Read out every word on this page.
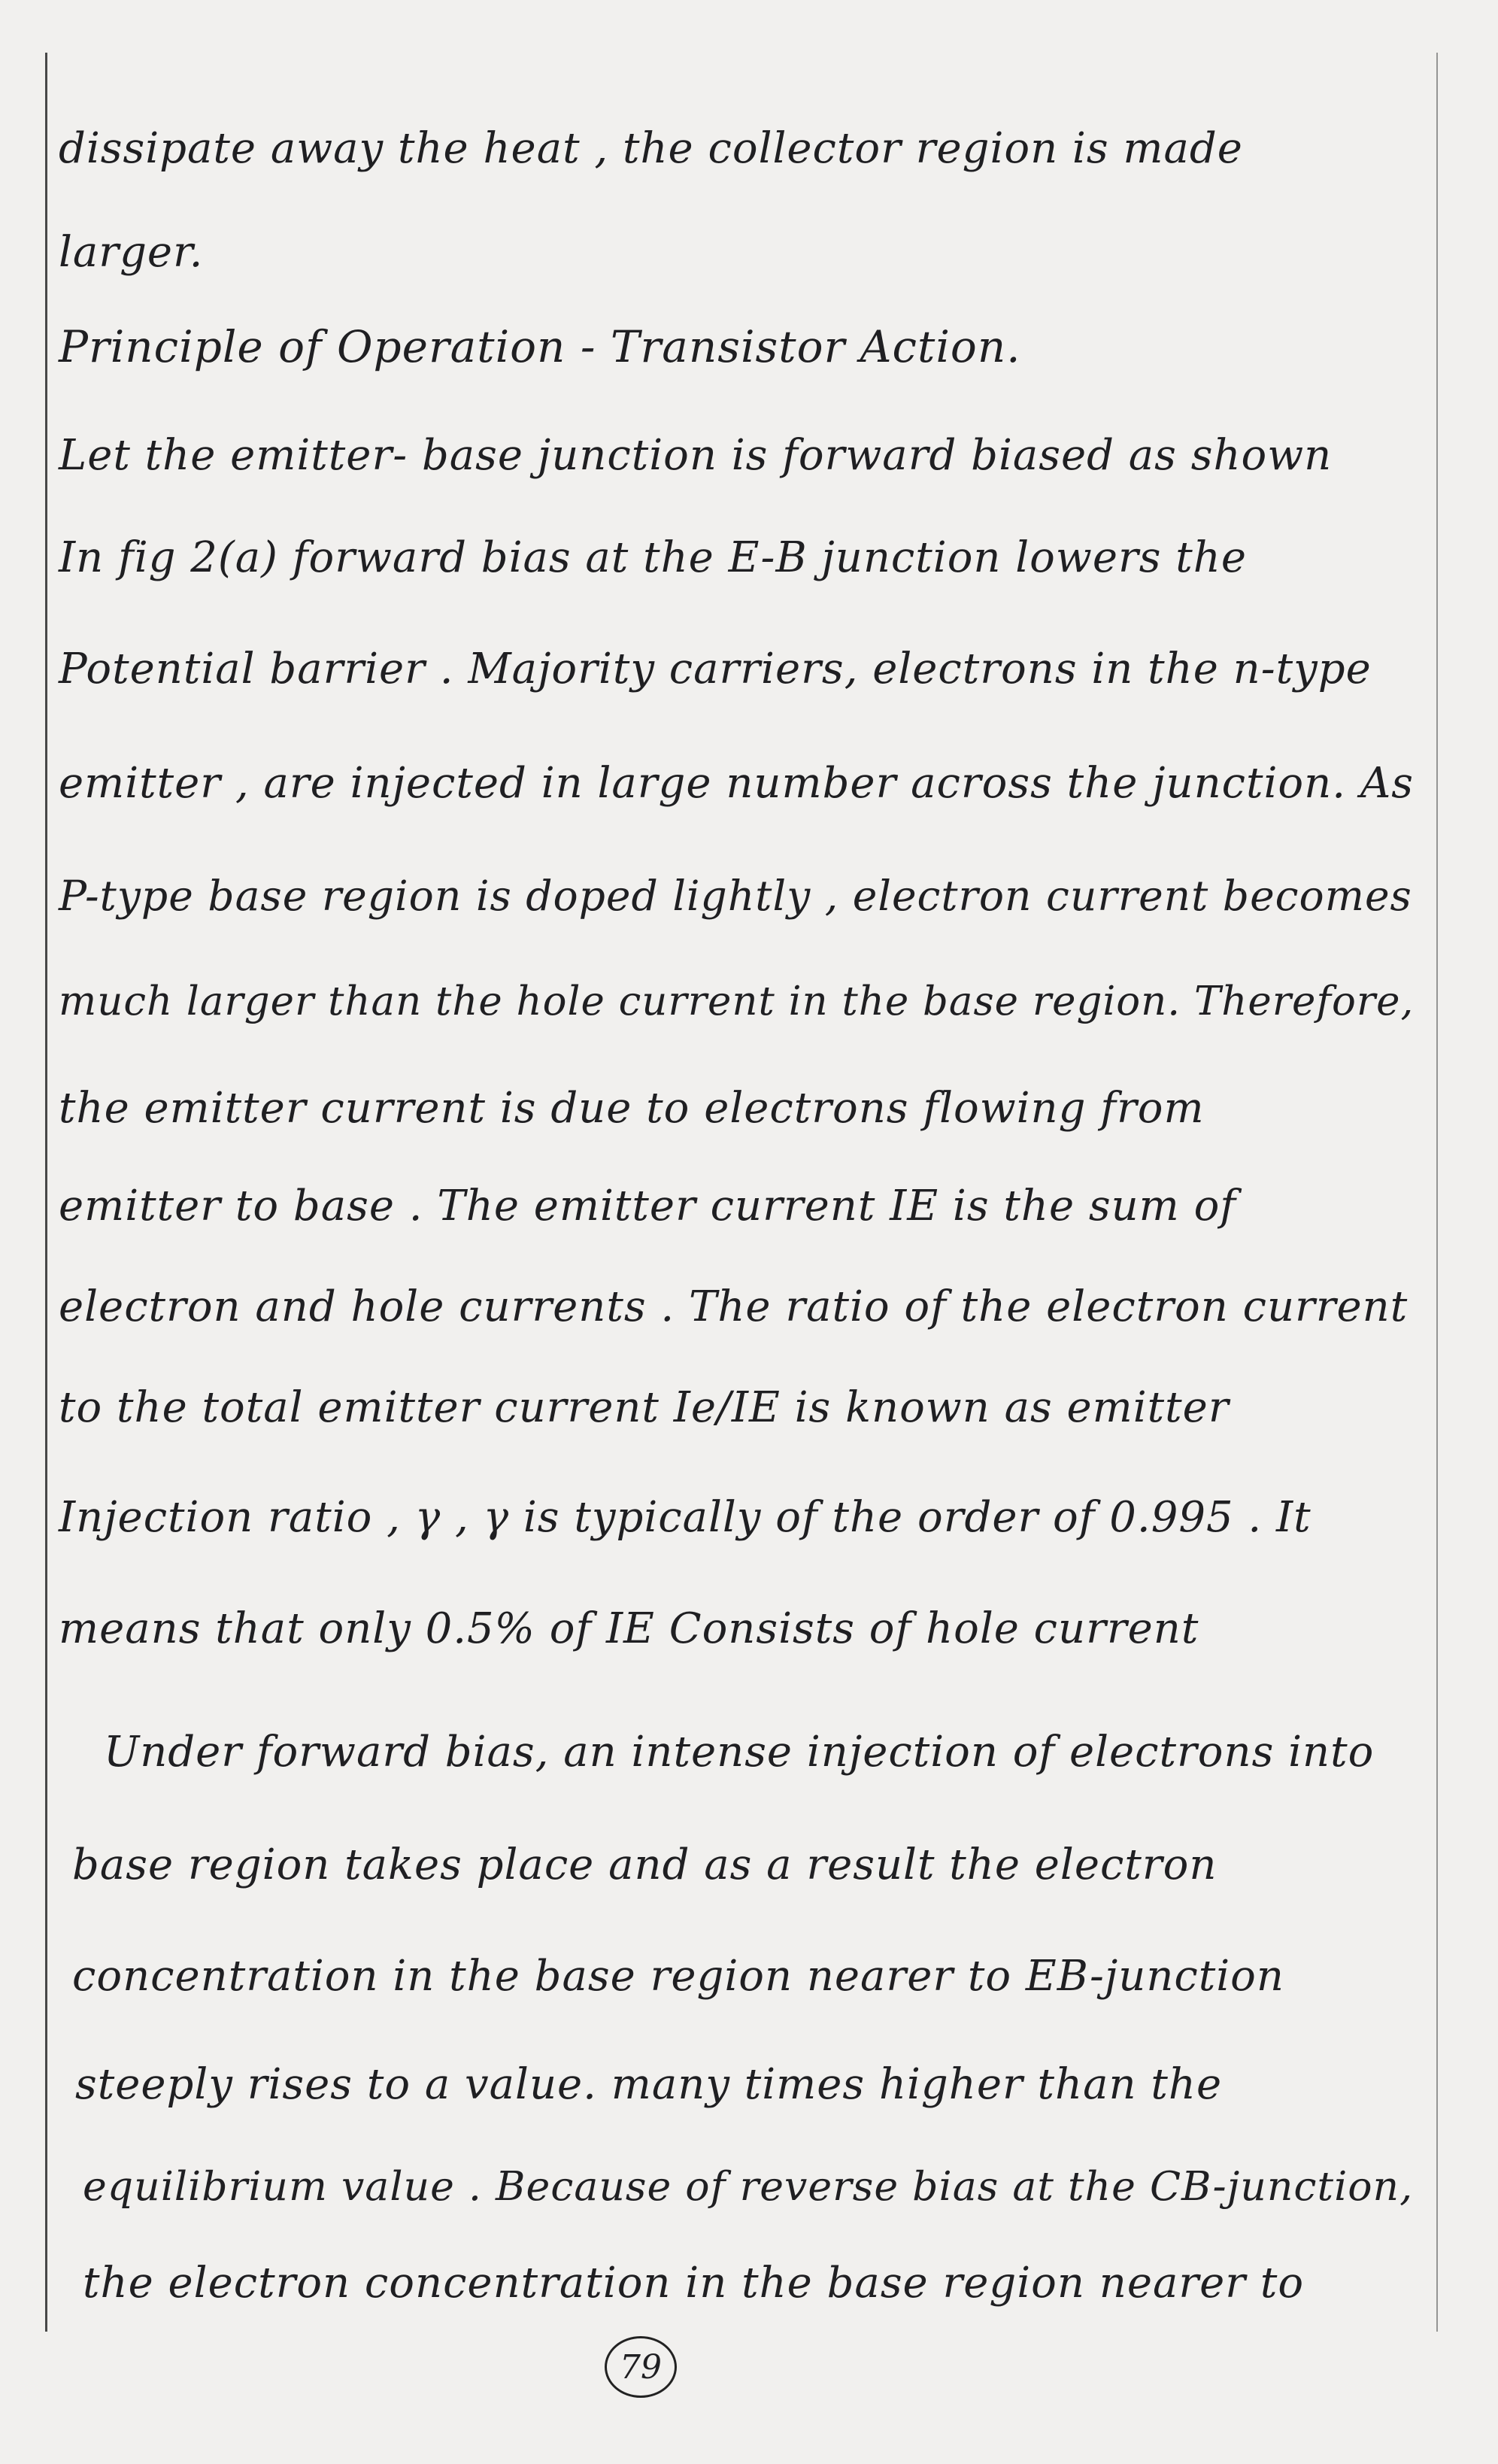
dissipate away the heat , the collector region is made
larger.
Principle of Operation - Transistor Action.
Let the emitter- base junction is forward biased as shown
In fig 2(a) forward bias at the E-B junction lowers the
Potential barrier . Majority carriers, electrons in the n-type
emitter , are injected in large number across the junction. As
P-type base region is doped lightly , electron current becomes
much larger than the hole current in the base region. Therefore,
the emitter current is due to electrons flowing from
emitter to base . The emitter current IE is the sum of
electron and hole currents . The ratio of the electron current
to the total emitter current Ie/IE is known as emitter
Injection ratio , γ , γ is typically of the order of 0.995 . It
means that only 0.5% of IE Consists of hole current
Under forward bias, an intense injection of electrons into
base region takes place and as a result the electron
concentration in the base region nearer to EB-junction
steeply rises to a value. many times higher than the
equilibrium value . Because of reverse bias at the CB-junction,
the electron concentration in the base region nearer to
79
